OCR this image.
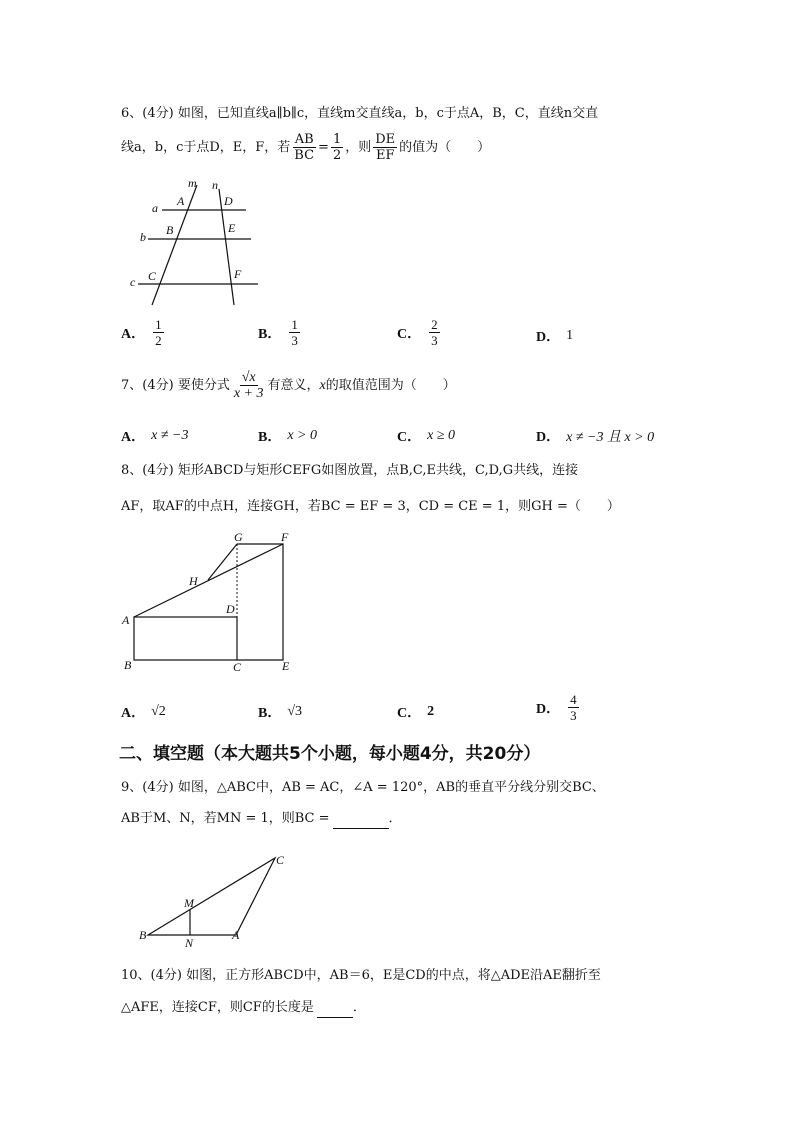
6、(4分) 如图，已知直线a∥b∥c，直线m交直线a，b，c于点A，B，C，直线n交直
线a，b，c于点D，E，F，若 $\frac{AB}{BC} = \frac{1}{2}$ ，则 $\frac{DE}{EF}$ 的值为（　　）
m n
a
b
c
A
B
C
D
E
F
A． $\frac{1}{2}$	B． $\frac{1}{3}$	C． $\frac{2}{3}$	D． 1
7、(4分) 要使分式 $\frac{√x}{x + 3}$ 有意义， x 的取值范围为（　　）
A． x ≠ −3	B． x > 0	C． x ≥ 0	D． x ≠ −3 且 x > 0
8、(4分) 矩形ABCD与矩形CEFG如图放置，点B,C,E共线，C,D,G共线，连接
AF，取AF的中点H，连接GH，若BC = EF = 3，CD = CE = 1，则GH =（　　）
G	F
H
D
A
B	C	E
A． √2	B． √3	C． 2	D． $\frac{4}{3}$
二、填空题（本大题共5个小题，每小题4分，共20分）
9、(4分) 如图，△ABC中，AB = AC，∠A = 120°，AB的垂直平分线分别交BC、
AB于M、N，若MN = 1，则BC =	．
C
M
B
N
A
10、(4分) 如图，正方形ABCD中，AB＝6，E是CD的中点，将△ADE沿AE翻折至
△AFE，连接CF，则CF的长度是	．
